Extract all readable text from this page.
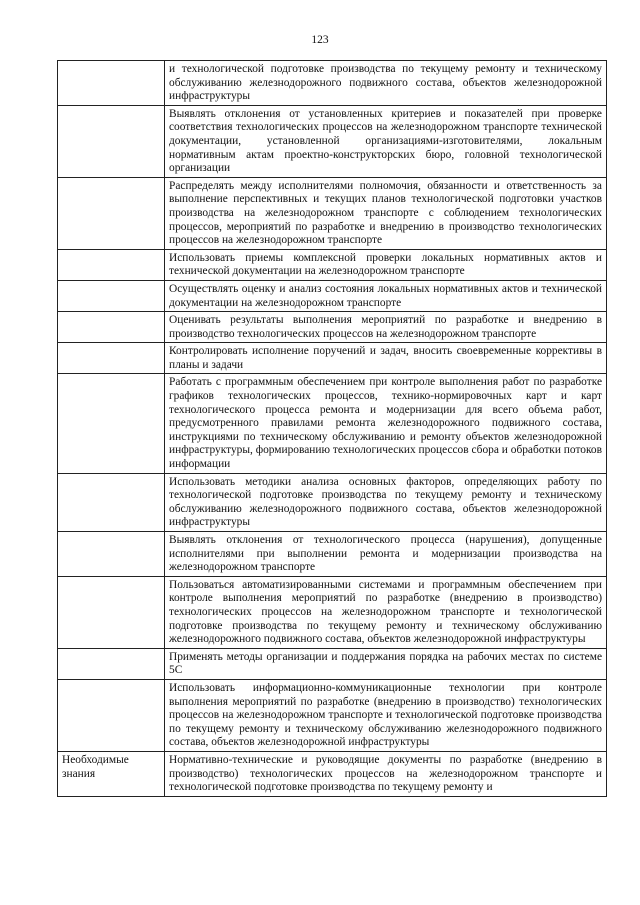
123
	и технологической подготовке производства по текущему ремонту и техническому обслуживанию железнодорожного подвижного состава, объектов железнодорожной инфраструктуры
	Выявлять отклонения от установленных критериев и показателей при проверке соответствия технологических процессов на железнодорожном транспорте технической документации, установленной организациями-изготовителями, локальным нормативным актам проектно-конструкторских бюро, головной технологической организации
	Распределять между исполнителями полномочия, обязанности и ответственность за выполнение перспективных и текущих планов технологической подготовки участков производства на железнодорожном транспорте с соблюдением технологических процессов, мероприятий по разработке и внедрению в производство технологических процессов на железнодорожном транспорте
	Использовать приемы комплексной проверки локальных нормативных актов и технической документации на железнодорожном транспорте
	Осуществлять оценку и анализ состояния локальных нормативных актов и технической документации на железнодорожном транспорте
	Оценивать результаты выполнения мероприятий по разработке и внедрению в производство технологических процессов на железнодорожном транспорте
	Контролировать исполнение поручений и задач, вносить своевременные коррективы в планы и задачи
	Работать с программным обеспечением при контроле выполнения работ по разработке графиков технологических процессов, технико-нормировочных карт и карт технологического процесса ремонта и модернизации для всего объема работ, предусмотренного правилами ремонта железнодорожного подвижного состава, инструкциями по техническому обслуживанию и ремонту объектов железнодорожной инфраструктуры, формированию технологических процессов сбора и обработки потоков информации
	Использовать методики анализа основных факторов, определяющих работу по технологической подготовке производства по текущему ремонту и техническому обслуживанию железнодорожного подвижного состава, объектов железнодорожной инфраструктуры
	Выявлять отклонения от технологического процесса (нарушения), допущенные исполнителями при выполнении ремонта и модернизации производства на железнодорожном транспорте
	Пользоваться автоматизированными системами и программным обеспечением при контроле выполнения мероприятий по разработке (внедрению в производство) технологических процессов на железнодорожном транспорте и технологической подготовке производства по текущему ремонту и техническому обслуживанию железнодорожного подвижного состава, объектов железнодорожной инфраструктуры
	Применять методы организации и поддержания порядка на рабочих местах по системе 5С
	Использовать информационно-коммуникационные технологии при контроле выполнения мероприятий по разработке (внедрению в производство) технологических процессов на железнодорожном транспорте и технологической подготовке производства по текущему ремонту и техническому обслуживанию железнодорожного подвижного состава, объектов железнодорожной инфраструктуры
Необходимые знания	Нормативно-технические и руководящие документы по разработке (внедрению в производство) технологических процессов на железнодорожном транспорте и технологической подготовке производства по текущему ремонту и
